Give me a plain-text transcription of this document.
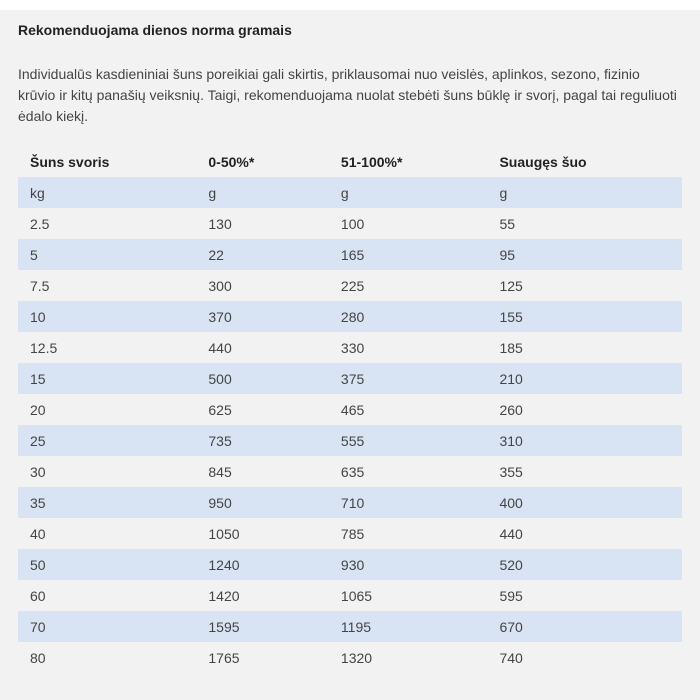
Rekomenduojama dienos norma gramais

Individualūs kasdieniniai šuns poreikiai gali skirtis, priklausomai nuo veislės, aplinkos, sezono, fizinio krūvio ir kitų panašių veiksnių. Taigi, rekomenduojama nuolat stebėti šuns būklę ir svorį, pagal tai reguliuoti ėdalo kiekį.

Šuns svoris	0-50%*	51-100%*	Suaugęs šuo
kg	g	g	g
2.5	130	100	55
5	22	165	95
7.5	300	225	125
10	370	280	155
12.5	440	330	185
15	500	375	210
20	625	465	260
25	735	555	310
30	845	635	355
35	950	710	400
40	1050	785	440
50	1240	930	520
60	1420	1065	595
70	1595	1195	670
80	1765	1320	740
